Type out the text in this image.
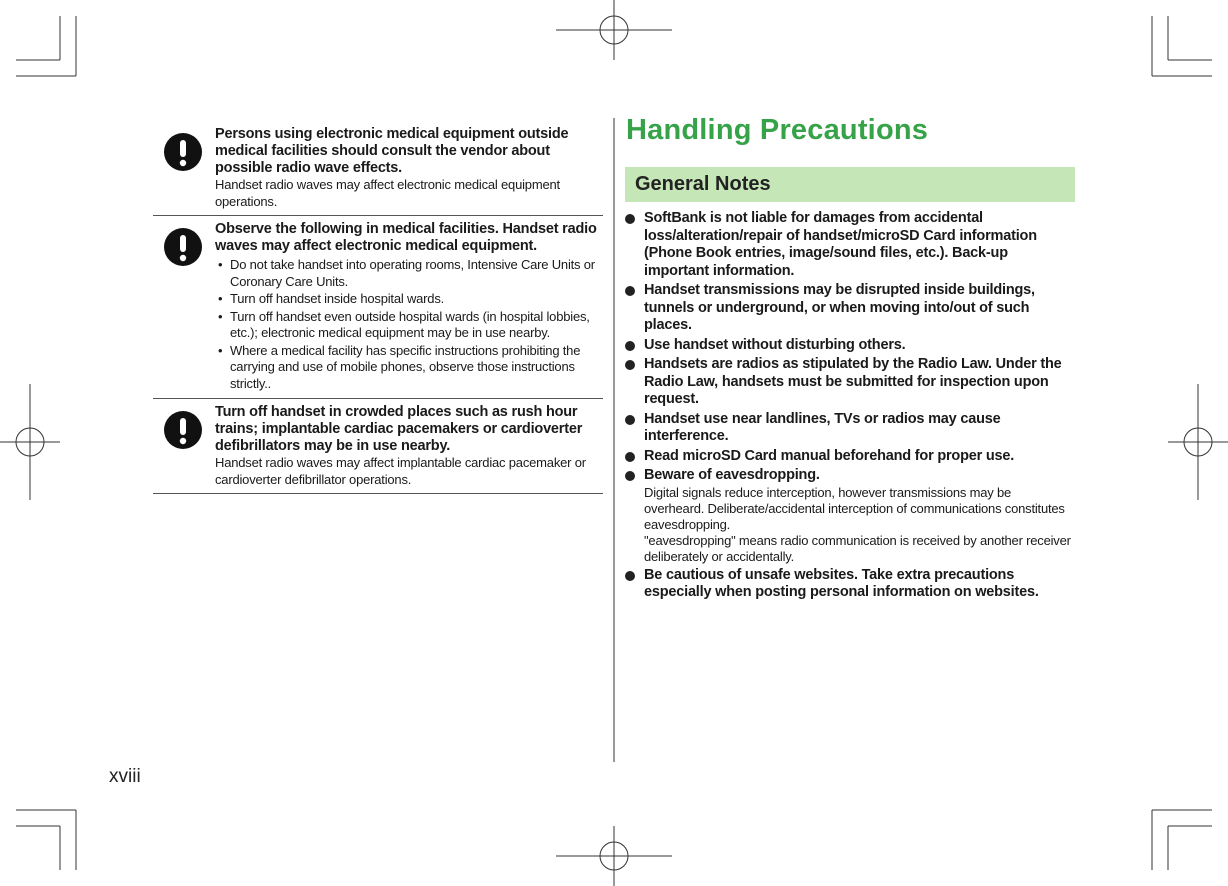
Persons using electronic medical equipment outside medical facilities should consult the vendor about possible radio wave effects.
Handset radio waves may affect electronic medical equipment operations.
Observe the following in medical facilities. Handset radio waves may affect electronic medical equipment.
• Do not take handset into operating rooms, Intensive Care Units or Coronary Care Units.
• Turn off handset inside hospital wards.
• Turn off handset even outside hospital wards (in hospital lobbies, etc.); electronic medical equipment may be in use nearby.
• Where a medical facility has specific instructions prohibiting the carrying and use of mobile phones, observe those instructions strictly..
Turn off handset in crowded places such as rush hour trains; implantable cardiac pacemakers or cardioverter defibrillators may be in use nearby.
Handset radio waves may affect implantable cardiac pacemaker or cardioverter defibrillator operations.
Handling Precautions
General Notes
SoftBank is not liable for damages from accidental loss/alteration/repair of handset/microSD Card information (Phone Book entries, image/sound files, etc.). Back-up important information.
Handset transmissions may be disrupted inside buildings, tunnels or underground, or when moving into/out of such places.
Use handset without disturbing others.
Handsets are radios as stipulated by the Radio Law. Under the Radio Law, handsets must be submitted for inspection upon request.
Handset use near landlines, TVs or radios may cause interference.
Read microSD Card manual beforehand for proper use.
Beware of eavesdropping.
Digital signals reduce interception, however transmissions may be overheard. Deliberate/accidental interception of communications constitutes eavesdropping.
"eavesdropping" means radio communication is received by another receiver deliberately or accidentally.
Be cautious of unsafe websites. Take extra precautions especially when posting personal information on websites.
xviii
